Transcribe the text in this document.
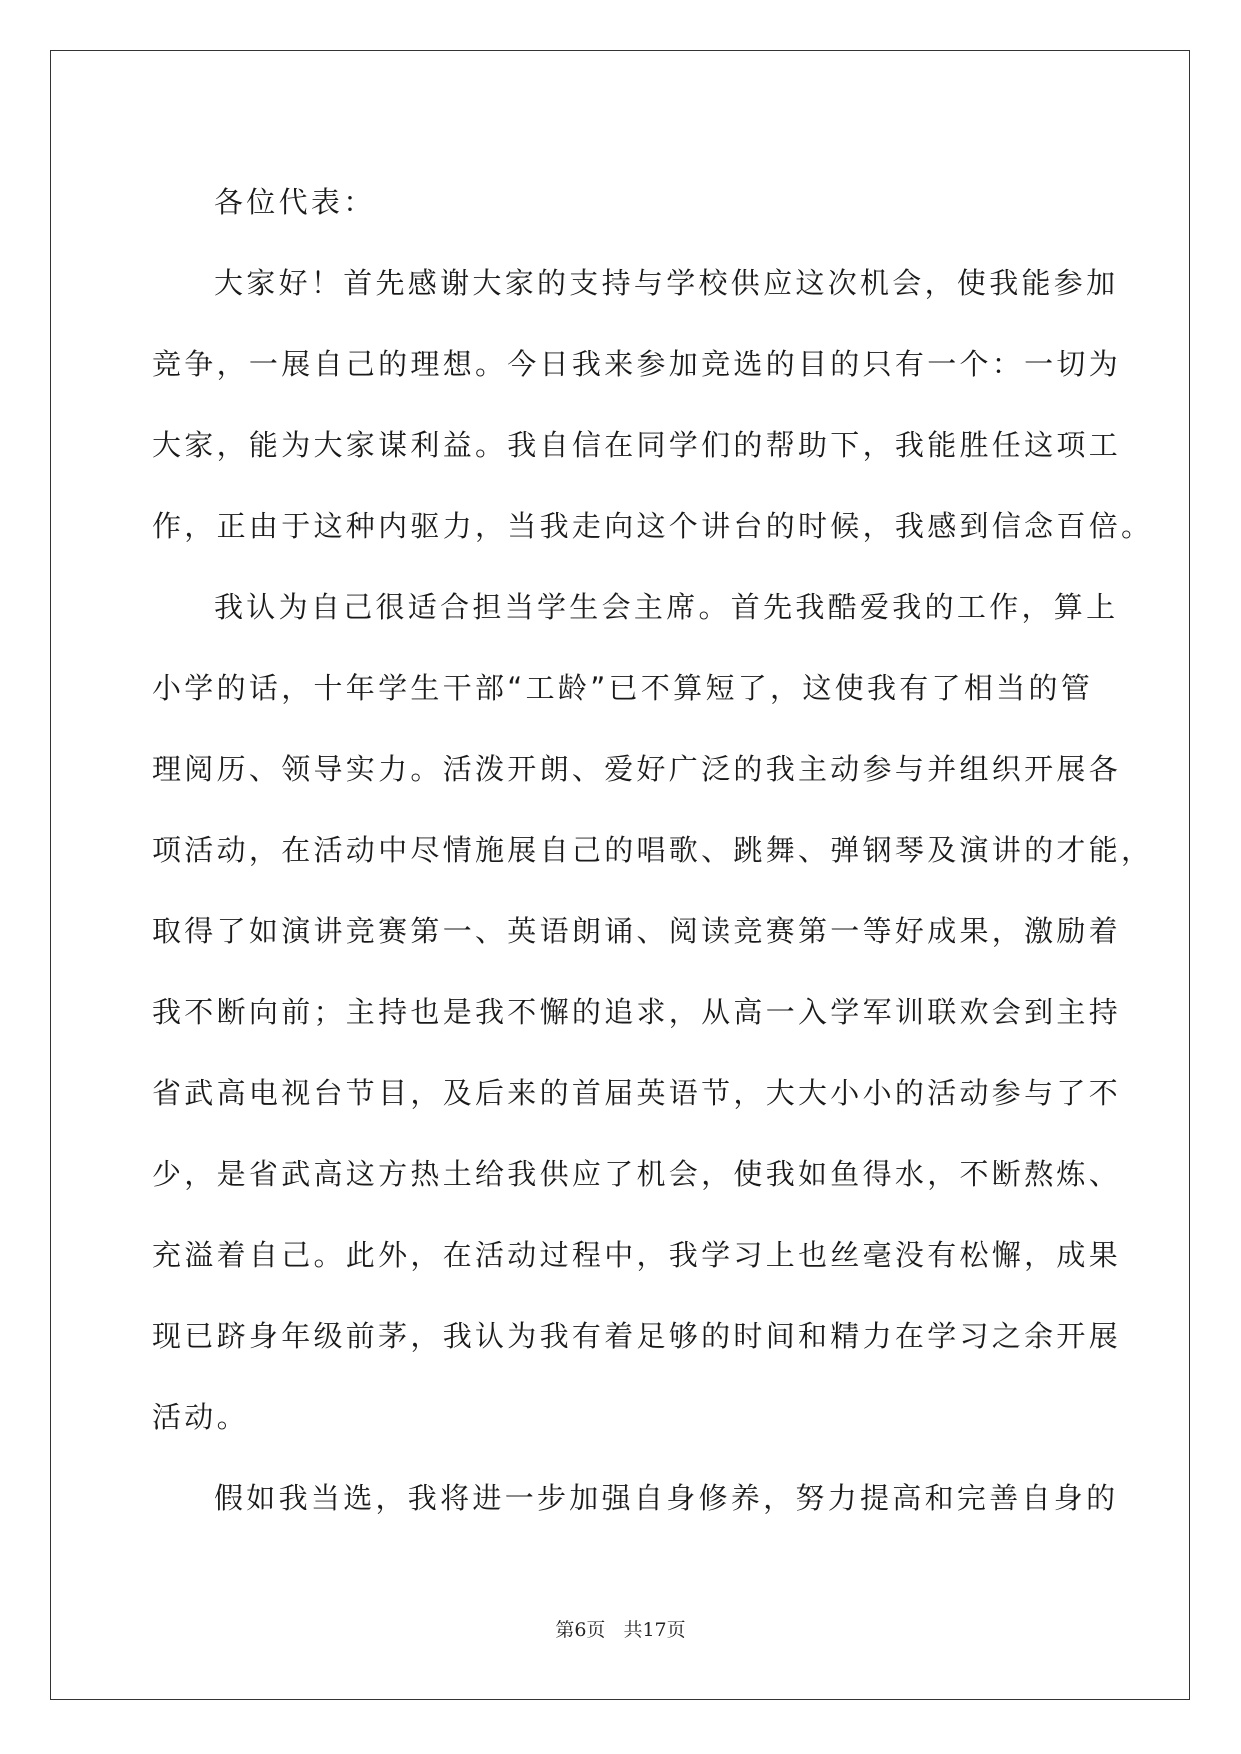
各位代表：
大家好！首先感谢大家的支持与学校供应这次机会，使我能参加
竞争，一展自己的理想。今日我来参加竞选的目的只有一个：一切为
大家，能为大家谋利益。我自信在同学们的帮助下，我能胜任这项工
作，正由于这种内驱力，当我走向这个讲台的时候，我感到信念百倍。
我认为自己很适合担当学生会主席。首先我酷爱我的工作，算上
小学的话，十年学生干部“工龄”已不算短了，这使我有了相当的管
理阅历、领导实力。活泼开朗、爱好广泛的我主动参与并组织开展各
项活动，在活动中尽情施展自己的唱歌、跳舞、弹钢琴及演讲的才能，
取得了如演讲竞赛第一、英语朗诵、阅读竞赛第一等好成果，激励着
我不断向前；主持也是我不懈的追求，从高一入学军训联欢会到主持
省武高电视台节目，及后来的首届英语节，大大小小的活动参与了不
少，是省武高这方热土给我供应了机会，使我如鱼得水，不断熬炼、
充溢着自己。此外，在活动过程中，我学习上也丝毫没有松懈，成果
现已跻身年级前茅，我认为我有着足够的时间和精力在学习之余开展
活动。
假如我当选，我将进一步加强自身修养，努力提高和完善自身的
第6页 共17页
